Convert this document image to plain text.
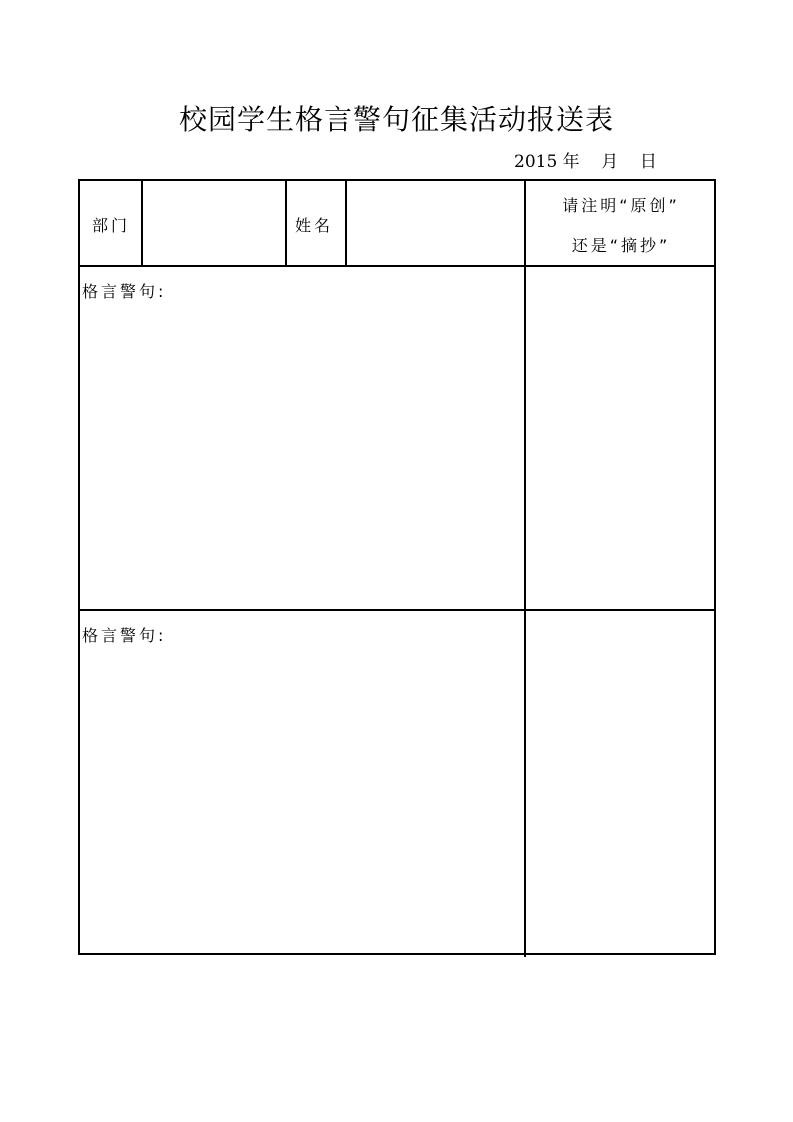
校园学生格言警句征集活动报送表
2015 年    月    日
部门	姓名
请注明“原创”
还是“摘抄”
格言警句:
格言警句:
